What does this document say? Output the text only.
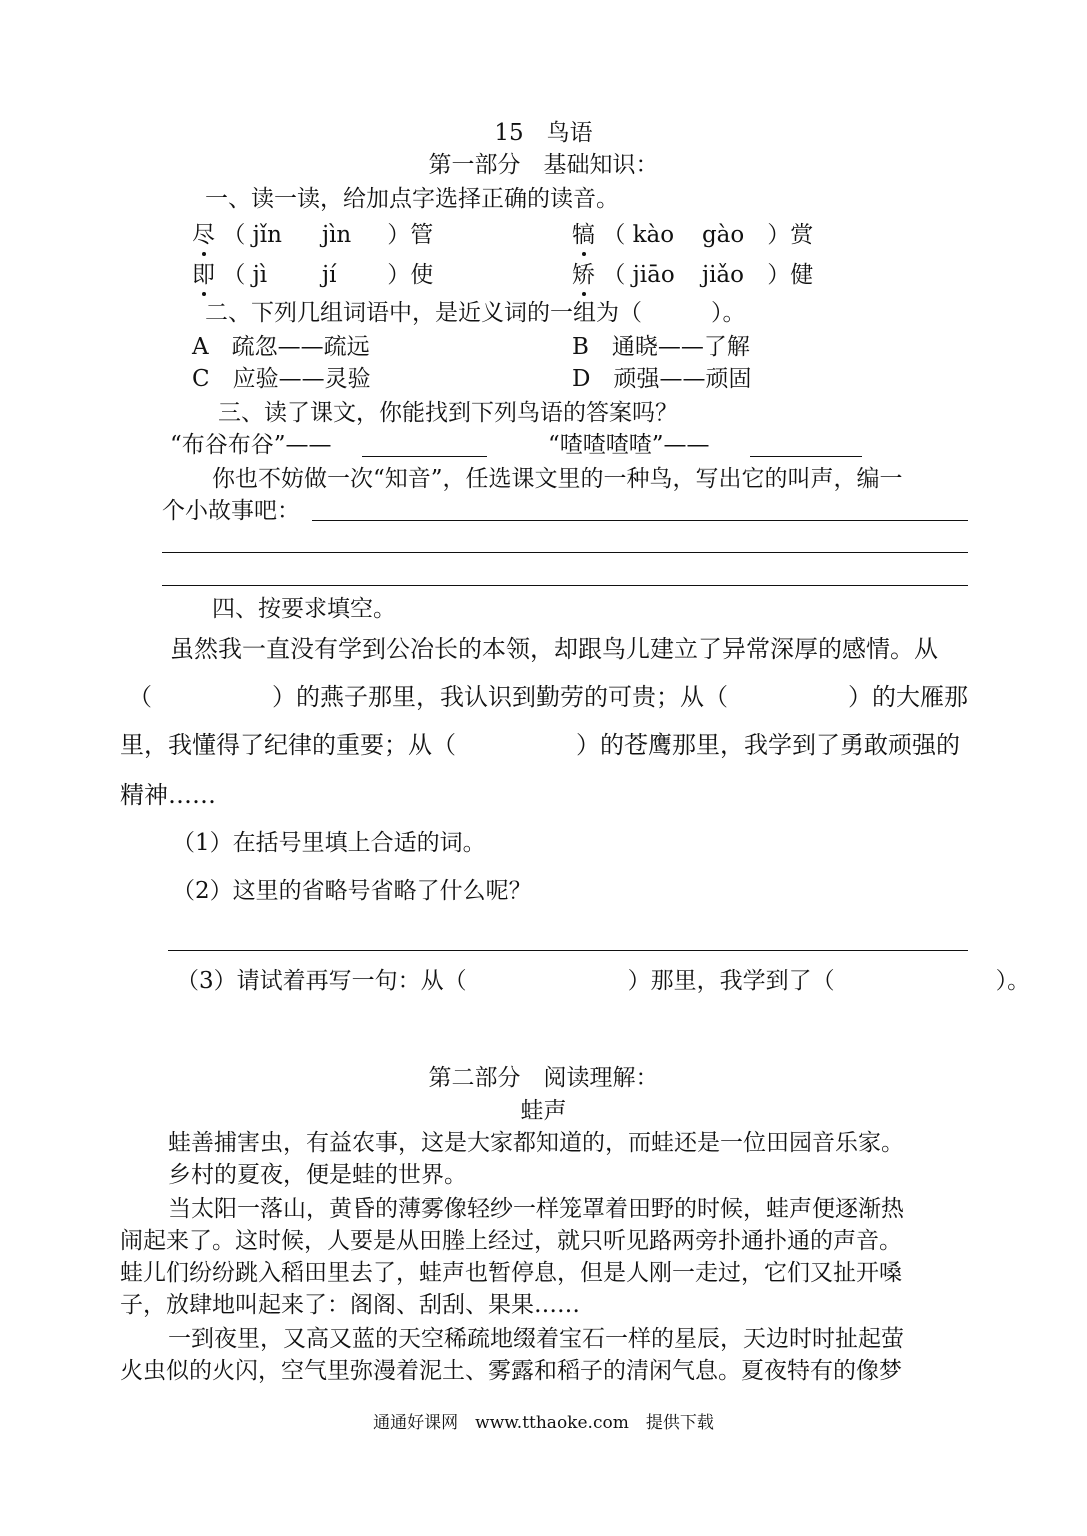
15　鸟语
第一部分　基础知识：
一、读一读，给加点字选择正确的读音。
尽 （ jǐn jìn ）管	犒 （ kào gào ）赏
即 （ jì jí ）使	矫 （ jiāo jiǎo ）健
二、下列几组词语中，是近义词的一组为（　　　）。
A　疏忽——疏远	B　通晓——了解
C　应验——灵验	D　顽强——顽固
三、读了课文，你能找到下列鸟语的答案吗？
“布谷布谷”——	“喳喳喳喳”——
你也不妨做一次“知音”，任选课文里的一种鸟，写出它的叫声，编一
个小故事吧：
四、按要求填空。
虽然我一直没有学到公冶长的本领，却跟鸟儿建立了异常深厚的感情。从
（　　　　　）的燕子那里，我认识到勤劳的可贵；从（　　　　　）的大雁那
里，我懂得了纪律的重要；从（　　　　　）的苍鹰那里，我学到了勇敢顽强的
精神……
（1）在括号里填上合适的词。
（2）这里的省略号省略了什么呢？
（3）请试着再写一句：从（　　　　　　　）那里，我学到了（　　　　　　　）。
第二部分　阅读理解：
蛙声
蛙善捕害虫，有益农事，这是大家都知道的，而蛙还是一位田园音乐家。
乡村的夏夜，便是蛙的世界。
当太阳一落山，黄昏的薄雾像轻纱一样笼罩着田野的时候，蛙声便逐渐热
闹起来了。这时候，人要是从田塍上经过，就只听见路两旁扑通扑通的声音。
蛙儿们纷纷跳入稻田里去了，蛙声也暂停息，但是人刚一走过，它们又扯开嗓
子，放肆地叫起来了：阁阁、刮刮、果果……
一到夜里，又高又蓝的天空稀疏地缀着宝石一样的星辰，天边时时扯起萤
火虫似的火闪，空气里弥漫着泥土、雾露和稻子的清闲气息。夏夜特有的像梦
通通好课网　www.tthaoke.com　提供下载
